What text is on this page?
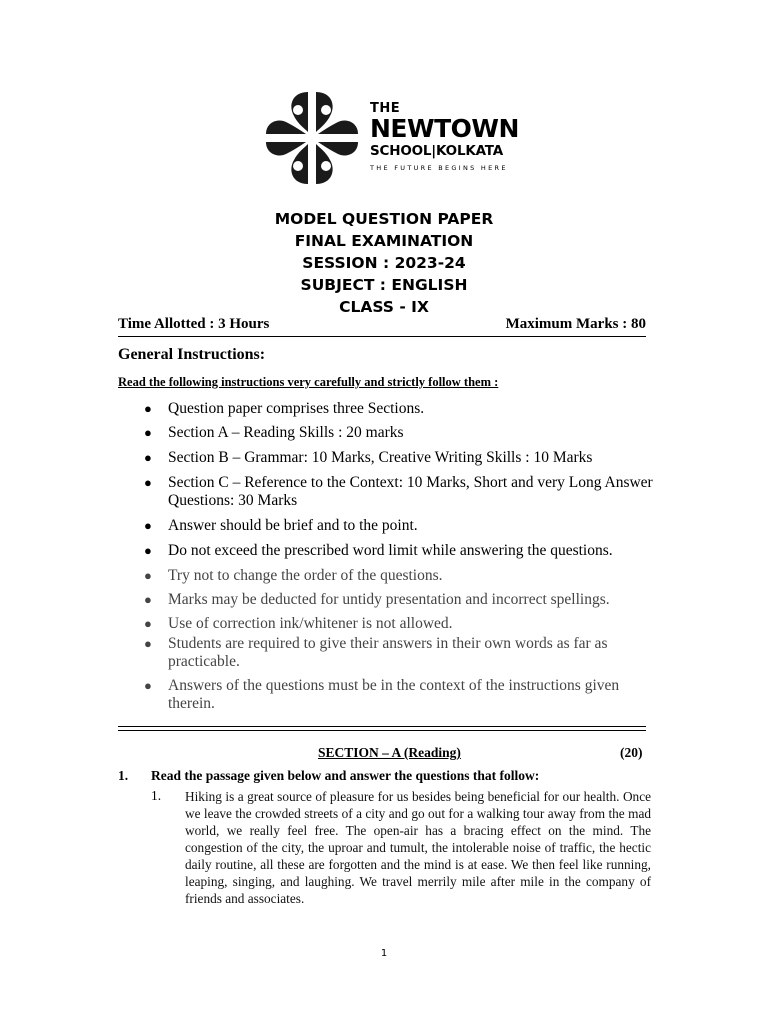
THE
NEWTOWN
SCHOOL|KOLKATA
THE FUTURE BEGINS HERE
MODEL QUESTION PAPER
FINAL EXAMINATION
SESSION : 2023-24
SUBJECT : ENGLISH
CLASS - IX
Time Allotted : 3 Hours	Maximum Marks : 80
General Instructions:
Read the following instructions very carefully and strictly follow them :
● Question paper comprises three Sections.
● Section A – Reading Skills : 20 marks
● Section B – Grammar: 10 Marks, Creative Writing Skills : 10 Marks
● Section C – Reference to the Context: 10 Marks, Short and very Long Answer Questions: 30 Marks
● Answer should be brief and to the point.
● Do not exceed the prescribed word limit while answering the questions.
● Try not to change the order of the questions.
● Marks may be deducted for untidy presentation and incorrect spellings.
● Use of correction ink/whitener is not allowed.
● Students are required to give their answers in their own words as far as practicable.
● Answers of the questions must be in the context of the instructions given therein.
SECTION – A (Reading)	(20)
1. Read the passage given below and answer the questions that follow:
1. Hiking is a great source of pleasure for us besides being beneficial for our health. Once we leave the crowded streets of a city and go out for a walking tour away from the mad world, we really feel free. The open-air has a bracing effect on the mind. The congestion of the city, the uproar and tumult, the intolerable noise of traffic, the hectic daily routine, all these are forgotten and the mind is at ease. We then feel like running, leaping, singing, and laughing. We travel merrily mile after mile in the company of friends and associates.
1
